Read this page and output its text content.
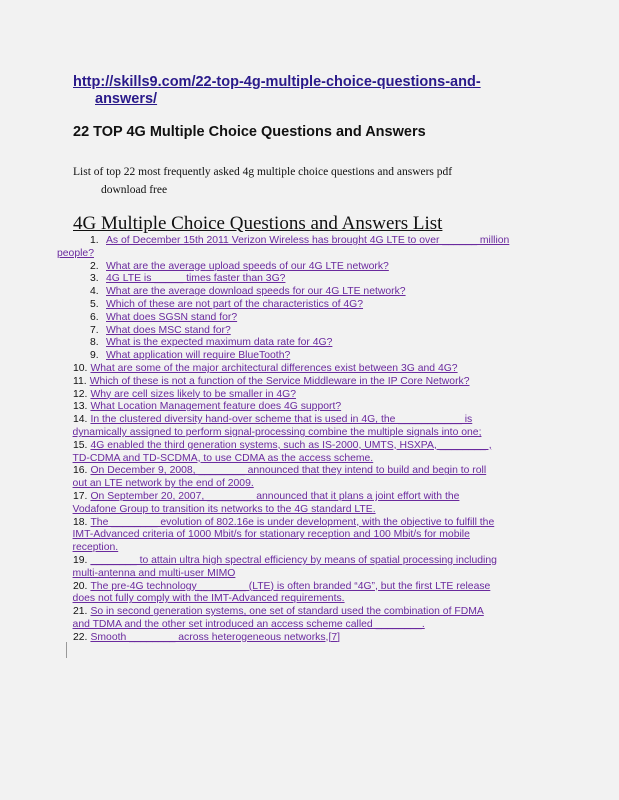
http://skills9.com/22-top-4g-multiple-choice-questions-and-
answers/
22 TOP 4G Multiple Choice Questions and Answers
List of top 22 most frequently asked 4g multiple choice questions and answers pdf
download free
4G Multiple Choice Questions and Answers List
1. As of December 15th 2011 Verizon Wireless has brought 4G LTE to over ______ million
people?
2. What are the average upload speeds of our 4G LTE network?
3. 4G LTE is _____ times faster than 3G?
4. What are the average download speeds for our 4G LTE network?
5. Which of these are not part of the characteristics of 4G?
6. What does SGSN stand for?
7. What does MSC stand for?
8. What is the expected maximum data rate for 4G?
9. What application will require BlueTooth?
10. What are some of the major architectural differences exist between 3G and 4G?
11. Which of these is not a function of the Service Middleware in the IP Core Network?
12. Why are cell sizes likely to be smaller in 4G?
13. What Location Management feature does 4G support?
14. In the clustered diversity hand-over scheme that is used in 4G, the ___________ is
dynamically assigned to perform signal-processing combine the multiple signals into one;
15. 4G enabled the third generation systems, such as IS-2000, UMTS, HSXPA, ________ ,
TD-CDMA and TD-SCDMA, to use CDMA as the access scheme.
16. On December 9, 2008, ________ announced that they intend to build and begin to roll
out an LTE network by the end of 2009.
17. On September 20, 2007, ________ announced that it plans a joint effort with the
Vodafone Group to transition its networks to the 4G standard LTE.
18. The ________ evolution of 802.16e is under development, with the objective to fulfill the
IMT-Advanced criteria of 1000 Mbit/s for stationary reception and 100 Mbit/s for mobile
reception.
19. ________ to attain ultra high spectral efficiency by means of spatial processing including
multi-antenna and multi-user MIMO
20. The pre-4G technology ________ (LTE) is often branded “4G”, but the first LTE release
does not fully comply with the IMT-Advanced requirements.
21. So in second generation systems, one set of standard used the combination of FDMA
and TDMA and the other set introduced an access scheme called ________.
22. Smooth ________ across heterogeneous networks,[7]
